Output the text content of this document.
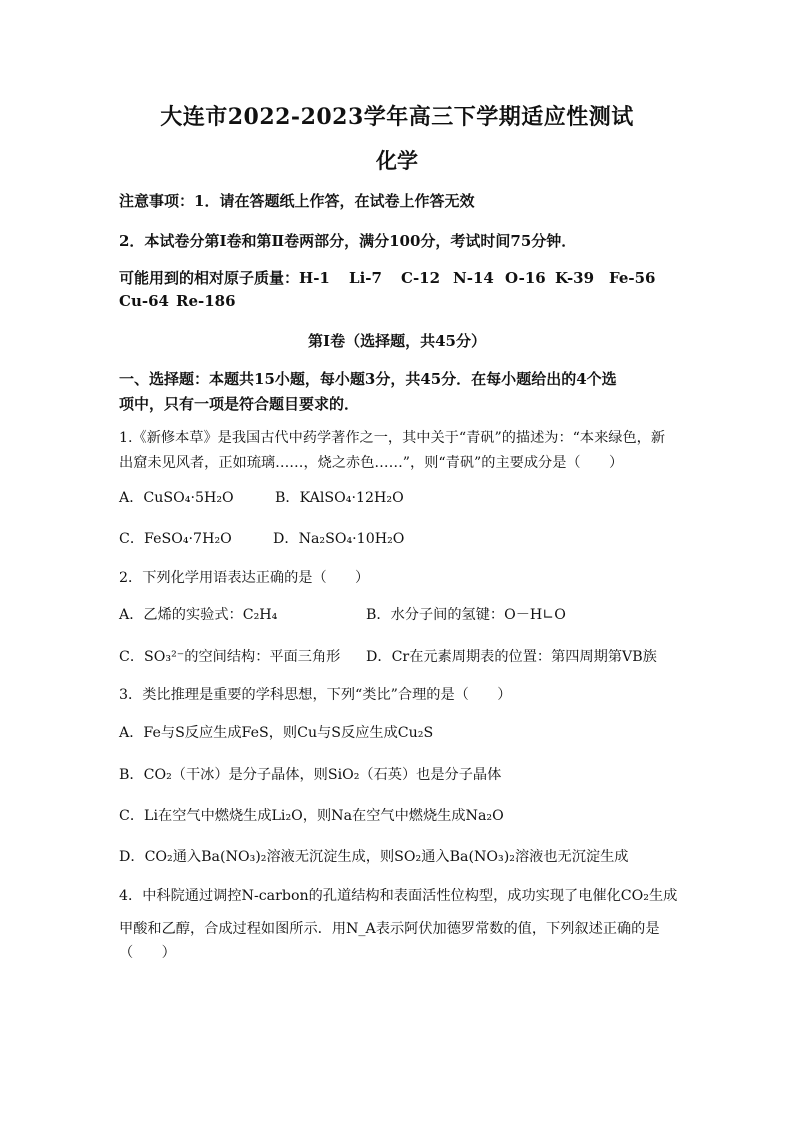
大连市2022-2023学年高三下学期适应性测试
化学
注意事项：1．请在答题纸上作答，在试卷上作答无效
2．本试卷分第Ⅰ卷和第Ⅱ卷两部分，满分100分，考试时间75分钟．
可能用到的相对原子质量：H-1 Li-7 C-12 N-14 O-16 K-39 Fe-56
Cu-64 Re-186
第Ⅰ卷（选择题，共45分）
一、选择题：本题共15小题，每小题3分，共45分．在每小题给出的4个选
项中，只有一项是符合题目要求的．
1.《新修本草》是我国古代中药学著作之一，其中关于“青矾”的描述为：“本来绿色，新
出窟未见风者，正如琉璃……，烧之赤色……”，则“青矾”的主要成分是（　　）
A．CuSO₄·5H₂O	B．KAlSO₄·12H₂O
C．FeSO₄·7H₂O	D．Na₂SO₄·10H₂O
2．下列化学用语表达正确的是（　　）
A．乙烯的实验式：C₂H₄	B．水分子间的氢键：O－H∟O
C．SO₃²⁻的空间结构：平面三角形 D．Cr在元素周期表的位置：第四周期第ⅤB族
3．类比推理是重要的学科思想，下列“类比”合理的是（　　）
A．Fe与S反应生成FeS，则Cu与S反应生成Cu₂S
B．CO₂（干冰）是分子晶体，则SiO₂（石英）也是分子晶体
C．Li在空气中燃烧生成Li₂O，则Na在空气中燃烧生成Na₂O
D．CO₂通入Ba(NO₃)₂溶液无沉淀生成，则SO₂通入Ba(NO₃)₂溶液也无沉淀生成
4．中科院通过调控N-carbon的孔道结构和表面活性位构型，成功实现了电催化CO₂生成
甲酸和乙醇，合成过程如图所示．用N_A表示阿伏加德罗常数的值，下列叙述正确的是
（　　）
